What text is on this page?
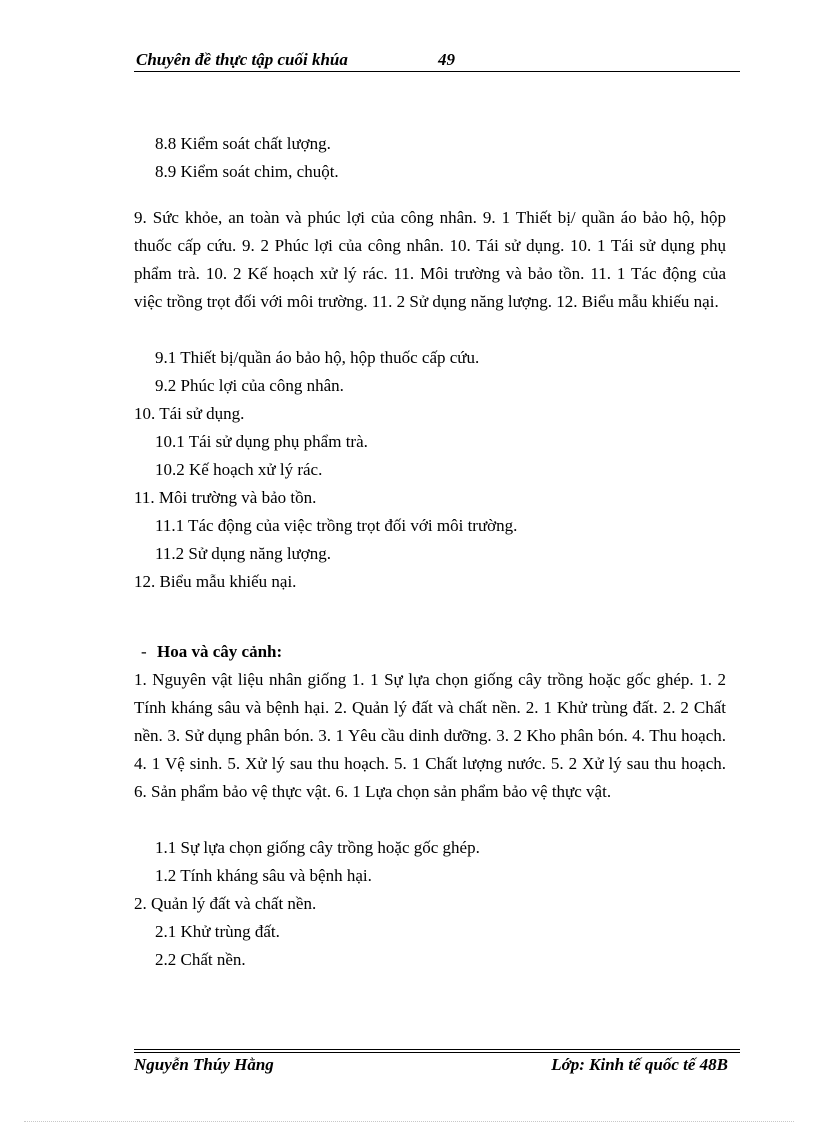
Chuyên đề thực tập cuối khúa	49
8.8 Kiểm soát chất lượng.
8.9 Kiểm soát chim, chuột.
9. Sức khỏe, an toàn và phúc lợi của công nhân. 9. 1 Thiết bị/ quần áo bảo hộ, hộp thuốc cấp cứu. 9. 2 Phúc lợi của công nhân. 10. Tái sử dụng. 10. 1 Tái sử dụng phụ phẩm trà. 10. 2 Kế hoạch xử lý rác. 11. Môi trường và bảo tồn. 11. 1 Tác động của việc trồng trọt đối với môi trường. 11. 2 Sử dụng năng lượng. 12. Biểu mẫu khiếu nại.
9.1 Thiết bị/quần áo bảo hộ, hộp thuốc cấp cứu.
9.2 Phúc lợi của công nhân.
10. Tái sử dụng.
10.1 Tái sử dụng phụ phẩm trà.
10.2 Kế hoạch xử lý rác.
11. Môi trường và bảo tồn.
11.1 Tác động của việc trồng trọt đối với môi trường.
11.2 Sử dụng năng lượng.
12. Biểu mẫu khiếu nại.
- Hoa và cây cảnh:
1. Nguyên vật liệu nhân giống 1. 1 Sự lựa chọn giống cây trồng hoặc gốc ghép. 1. 2 Tính kháng sâu và bệnh hại. 2. Quản lý đất và chất nền. 2. 1 Khử trùng đất. 2. 2 Chất nền. 3. Sử dụng phân bón. 3. 1 Yêu cầu dinh dưỡng. 3. 2 Kho phân bón. 4. Thu hoạch. 4. 1 Vệ sinh. 5. Xử lý sau thu hoạch. 5. 1 Chất lượng nước. 5. 2 Xử lý sau thu hoạch. 6. Sản phẩm bảo vệ thực vật. 6. 1 Lựa chọn sản phẩm bảo vệ thực vật.
1.1 Sự lựa chọn giống cây trồng hoặc gốc ghép.
1.2 Tính kháng sâu và bệnh hại.
2. Quản lý đất và chất nền.
2.1 Khử trùng đất.
2.2 Chất nền.
Nguyễn Thúy Hằng	Lớp: Kinh tế quốc tế 48B
